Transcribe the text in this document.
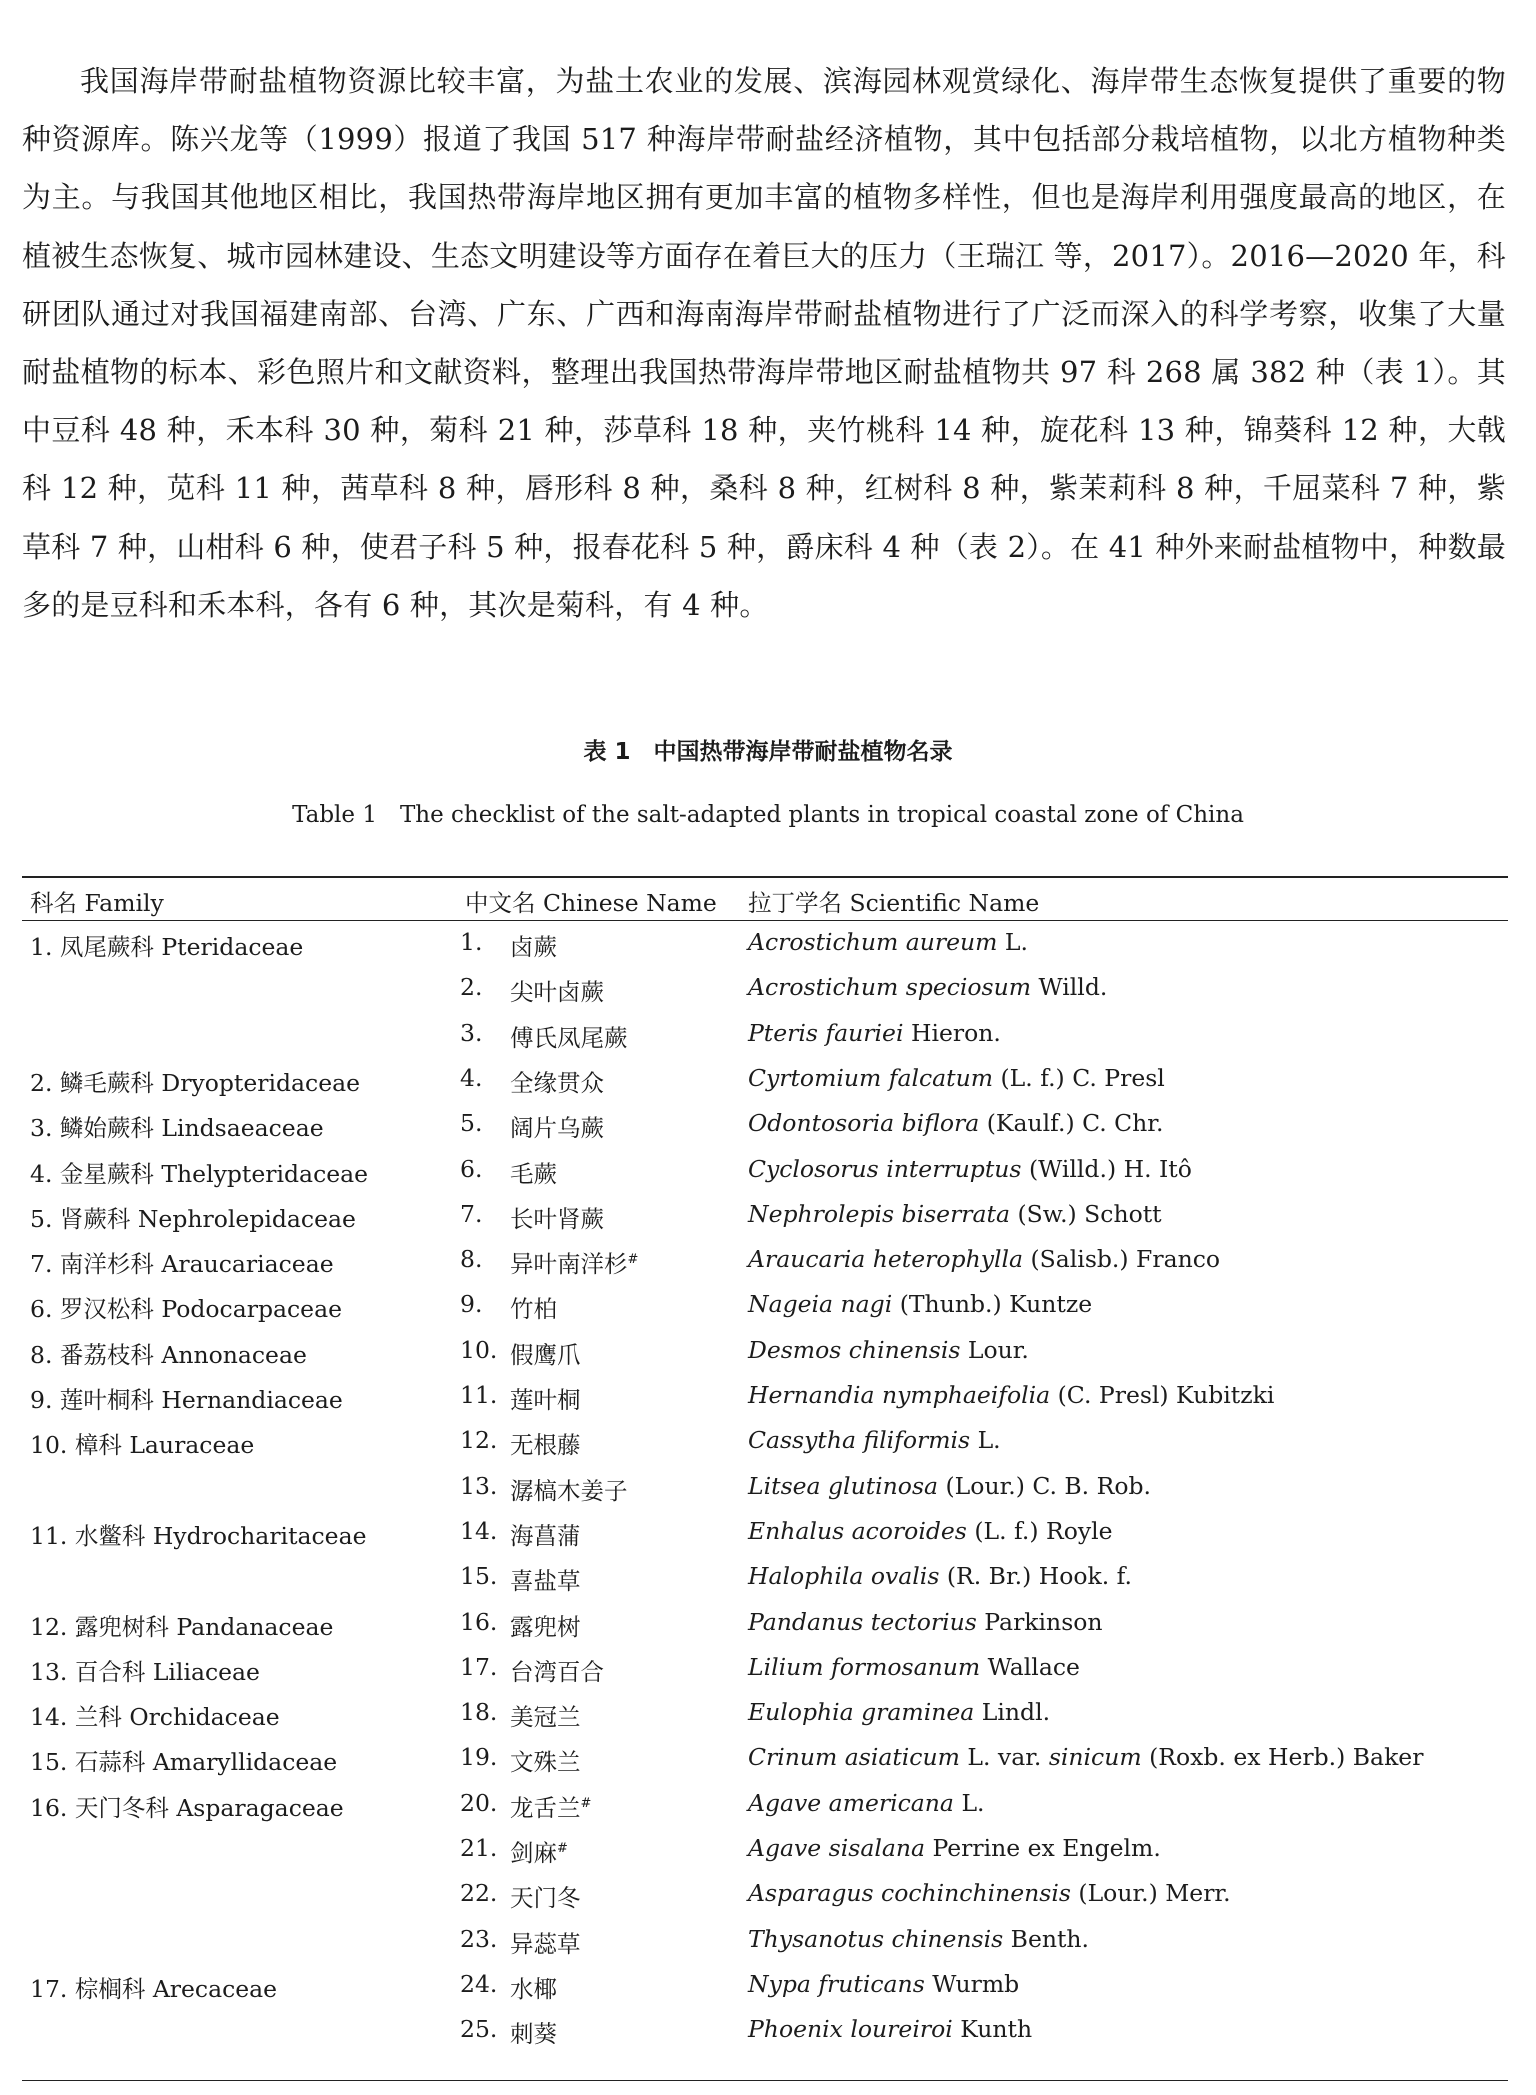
我国海岸带耐盐植物资源比较丰富，为盐土农业的发展、滨海园林观赏绿化、海岸带生态恢复提供了重要的物种资源库。陈兴龙等（1999）报道了我国 517 种海岸带耐盐经济植物，其中包括部分栽培植物，以北方植物种类为主。与我国其他地区相比，我国热带海岸地区拥有更加丰富的植物多样性，但也是海岸利用强度最高的地区，在植被生态恢复、城市园林建设、生态文明建设等方面存在着巨大的压力（王瑞江 等，2017）。2016—2020 年，科研团队通过对我国福建南部、台湾、广东、广西和海南海岸带耐盐植物进行了广泛而深入的科学考察，收集了大量耐盐植物的标本、彩色照片和文献资料，整理出我国热带海岸带地区耐盐植物共 97 科 268 属 382 种（表 1）。其中豆科 48 种，禾本科 30 种，菊科 21 种，莎草科 18 种，夹竹桃科 14 种，旋花科 13 种，锦葵科 12 种，大戟科 12 种，苋科 11 种，茜草科 8 种，唇形科 8 种，桑科 8 种，红树科 8 种，紫茉莉科 8 种，千屈菜科 7 种，紫草科 7 种，山柑科 6 种，使君子科 5 种，报春花科 5 种，爵床科 4 种（表 2）。在 41 种外来耐盐植物中，种数最多的是豆科和禾本科，各有 6 种，其次是菊科，有 4 种。
表 1　中国热带海岸带耐盐植物名录
Table 1　The checklist of the salt-adapted plants in tropical coastal zone of China
科名 Family	中文名 Chinese Name 拉丁学名 Scientific Name
1. 凤尾蕨科 Pteridaceae	1.	卤蕨	Acrostichum aureum L.
2.	尖叶卤蕨	Acrostichum speciosum Willd.
3.	傅氏凤尾蕨	Pteris fauriei Hieron.
2. 鳞毛蕨科 Dryopteridaceae	4.	全缘贯众	Cyrtomium falcatum (L. f.) C. Presl
3. 鳞始蕨科 Lindsaeaceae	5.	阔片乌蕨	Odontosoria biflora (Kaulf.) C. Chr.
4. 金星蕨科 Thelypteridaceae	6.	毛蕨	Cyclosorus interruptus (Willd.) H. Itô
5. 肾蕨科 Nephrolepidaceae	7.	长叶肾蕨	Nephrolepis biserrata (Sw.) Schott
7. 南洋杉科 Araucariaceae	8.	异叶南洋杉#	Araucaria heterophylla (Salisb.) Franco
6. 罗汉松科 Podocarpaceae	9.	竹柏	Nageia nagi (Thunb.) Kuntze
8. 番荔枝科 Annonaceae	10. 假鹰爪	Desmos chinensis Lour.
9. 莲叶桐科 Hernandiaceae	11. 莲叶桐	Hernandia nymphaeifolia (C. Presl) Kubitzki
10. 樟科 Lauraceae	12. 无根藤	Cassytha filiformis L.
13. 潺槁木姜子	Litsea glutinosa (Lour.) C. B. Rob.
11. 水鳖科 Hydrocharitaceae	14. 海菖蒲	Enhalus acoroides (L. f.) Royle
15. 喜盐草	Halophila ovalis (R. Br.) Hook. f.
12. 露兜树科 Pandanaceae	16. 露兜树	Pandanus tectorius Parkinson
13. 百合科 Liliaceae	17. 台湾百合	Lilium formosanum Wallace
14. 兰科 Orchidaceae	18. 美冠兰	Eulophia graminea Lindl.
15. 石蒜科 Amaryllidaceae	19. 文殊兰	Crinum asiaticum L. var. sinicum (Roxb. ex Herb.) Baker
16. 天门冬科 Asparagaceae	20. 龙舌兰#	Agave americana L.
21. 剑麻#	Agave sisalana Perrine ex Engelm.
22. 天门冬	Asparagus cochinchinensis (Lour.) Merr.
23. 异蕊草	Thysanotus chinensis Benth.
17. 棕榈科 Arecaceae	24. 水椰	Nypa fruticans Wurmb
25. 刺葵	Phoenix loureiroi Kunth
